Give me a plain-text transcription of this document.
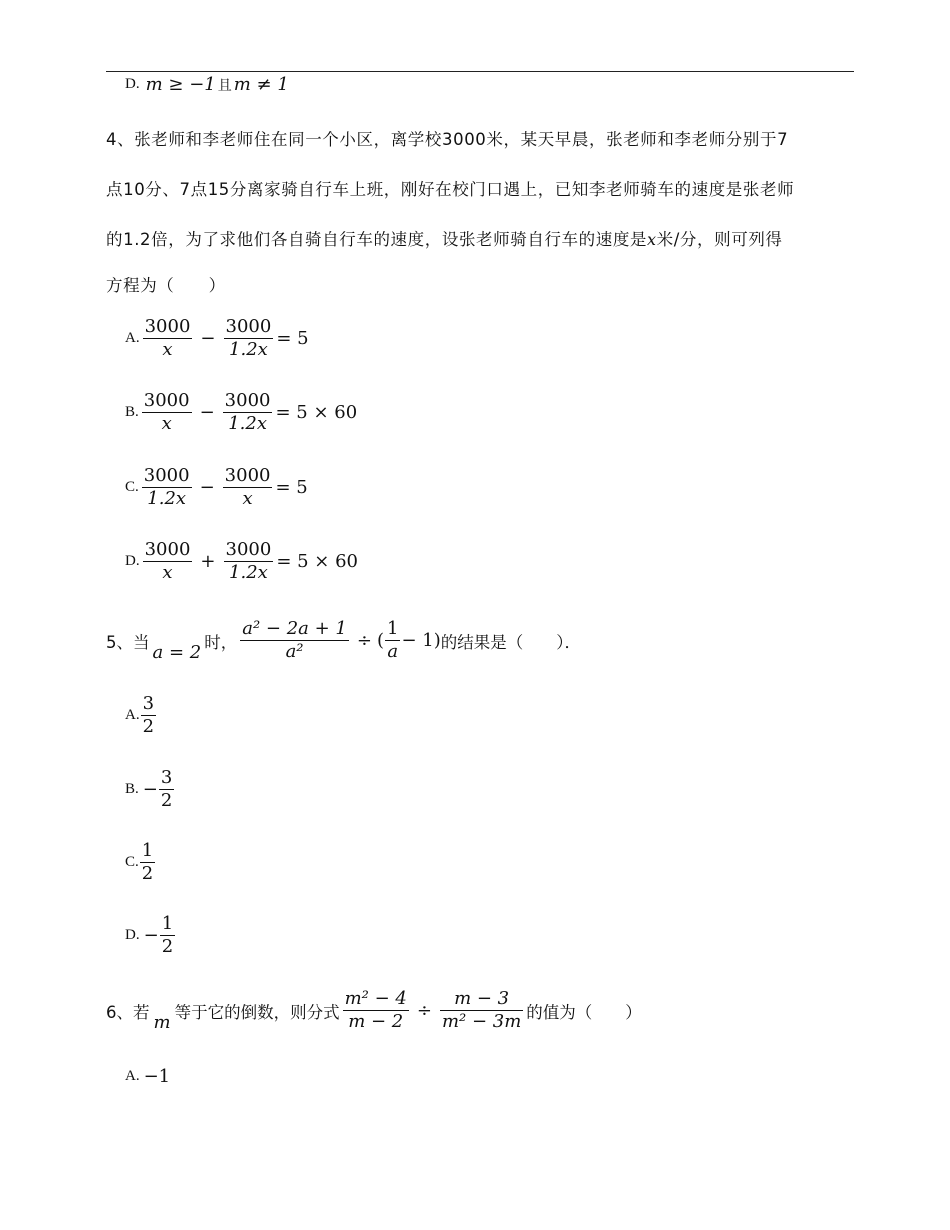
D. m ≥ −1 且 m ≠ 1
4、张老师和李老师住在同一个小区，离学校3000米，某天早晨，张老师和李老师分别于7
点10分、7点15分离家骑自行车上班，刚好在校门口遇上，已知李老师骑车的速度是张老师
的1.2倍，为了求他们各自骑自行车的速度，设张老师骑自行车的速度是x米/分，则可列得
方程为（　　）
A. $\frac{3000}{x} - \frac{3000}{1.2x} = 5$
B. $\frac{3000}{x} - \frac{3000}{1.2x} = 5 \times 60$
C. $\frac{3000}{1.2x} - \frac{3000}{x} = 5$
D. $\frac{3000}{x} + \frac{3000}{1.2x} = 5 \times 60$
5、 当 a = 2 时， $\frac{\text{a² − 2a + 1}}{\text{a²}}$ ÷ ( $\frac{1}{a} - 1$) 的结果是（　　）．
A. $\frac{3}{2}$
B. − $\frac{3}{2}$
C. $\frac{1}{2}$
D. − $\frac{1}{2}$
6、 若 m 等于它的倒数，则分式 $\frac{\text{m² − 4}}{m - 2} \div \frac{m - 3}{\text{m² − 3m}}$ 的值为（　　）
A. −1
